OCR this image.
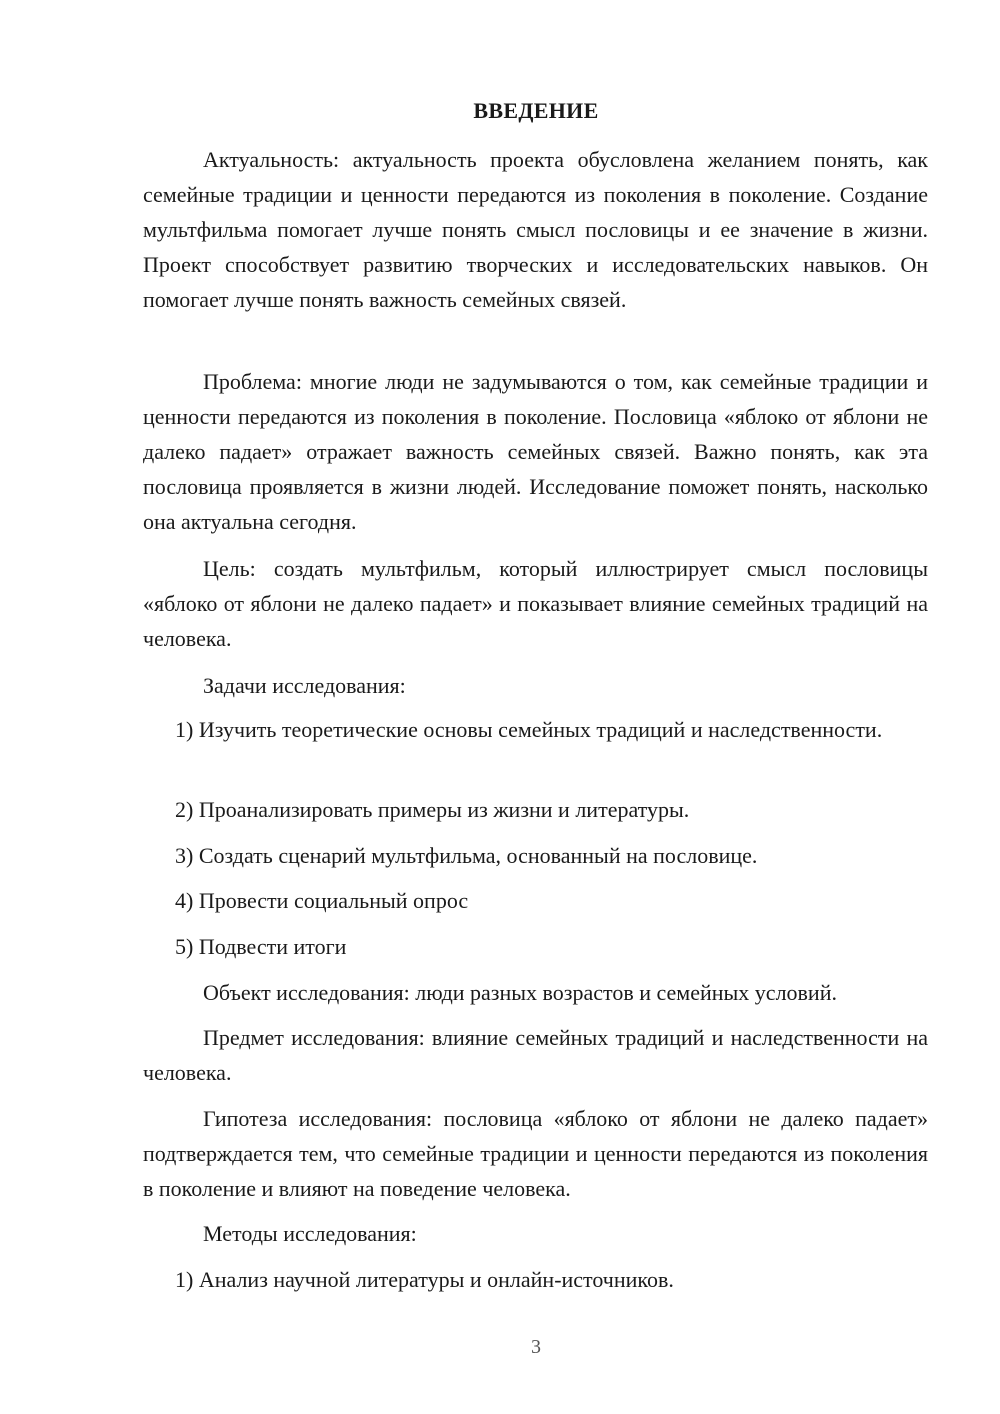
ВВЕДЕНИЕ

Актуальность: актуальность проекта обусловлена желанием понять, как семейные традиции и ценности передаются из поколения в поколение. Создание мультфильма помогает лучше понять смысл пословицы и ее значение в жизни. Проект способствует развитию творческих и исследовательских навыков. Он помогает лучше понять важность семейных связей.

Проблема: многие люди не задумываются о том, как семейные традиции и ценности передаются из поколения в поколение. Пословица «яблоко от яблони не далеко падает» отражает важность семейных связей. Важно понять, как эта пословица проявляется в жизни людей. Исследование поможет понять, насколько она актуальна сегодня.

Цель: создать мультфильм, который иллюстрирует смысл пословицы «яблоко от яблони не далеко падает» и показывает влияние семейных традиций на человека.

Задачи исследования:

1) Изучить теоретические основы семейных традиций и наследственности.

2) Проанализировать примеры из жизни и литературы.

3) Создать сценарий мультфильма, основанный на пословице.

4) Провести социальный опрос

5) Подвести итоги

Объект исследования: люди разных возрастов и семейных условий.

Предмет исследования: влияние семейных традиций и наследственности на человека.

Гипотеза исследования: пословица «яблоко от яблони не далеко падает» подтверждается тем, что семейные традиции и ценности передаются из поколения в поколение и влияют на поведение человека.

Методы исследования:

1) Анализ научной литературы и онлайн-источников.

3
